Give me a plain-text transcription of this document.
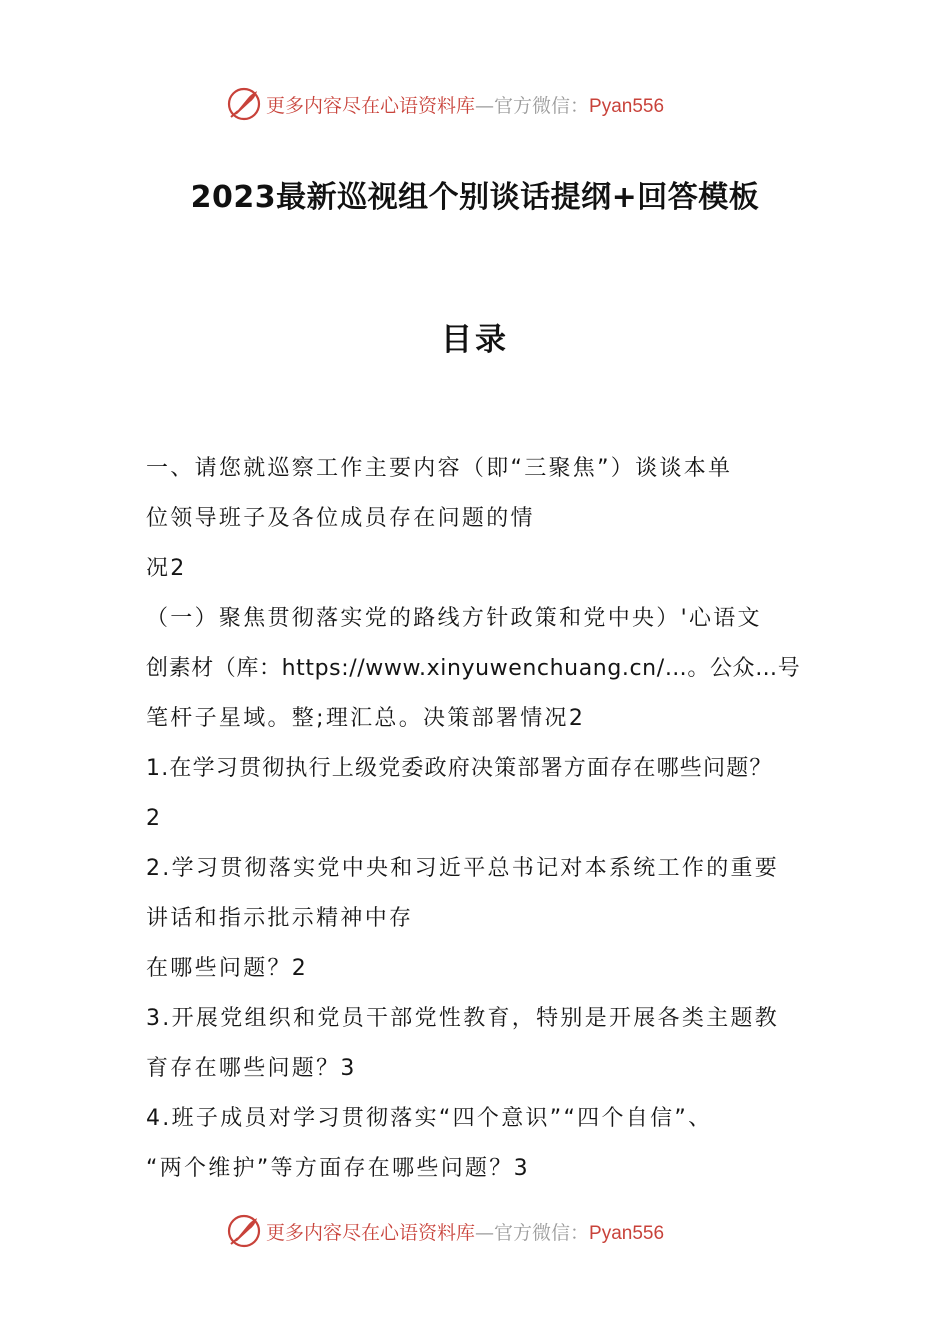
更多内容尽在心语资料库—官方微信：Pyan556
2023最新巡视组个别谈话提纲+回答模板
目录
一、请您就巡察工作主要内容（即“三聚焦”）谈谈本单
位领导班子及各位成员存在问题的情
况2
（一）聚焦贯彻落实党的路线方针政策和党中央）'心语文
创素材（库：https://www.xinyuwenchuang.cn/…。公众…号
笔杆子星域。整;理汇总。决策部署情况2
1.在学习贯彻执行上级党委政府决策部署方面存在哪些问题？
2
2.学习贯彻落实党中央和习近平总书记对本系统工作的重要
讲话和指示批示精神中存
在哪些问题？2
3.开展党组织和党员干部党性教育，特别是开展各类主题教
育存在哪些问题？3
4.班子成员对学习贯彻落实“四个意识”“四个自信”、
“两个维护”等方面存在哪些问题？3
更多内容尽在心语资料库—官方微信：Pyan556
